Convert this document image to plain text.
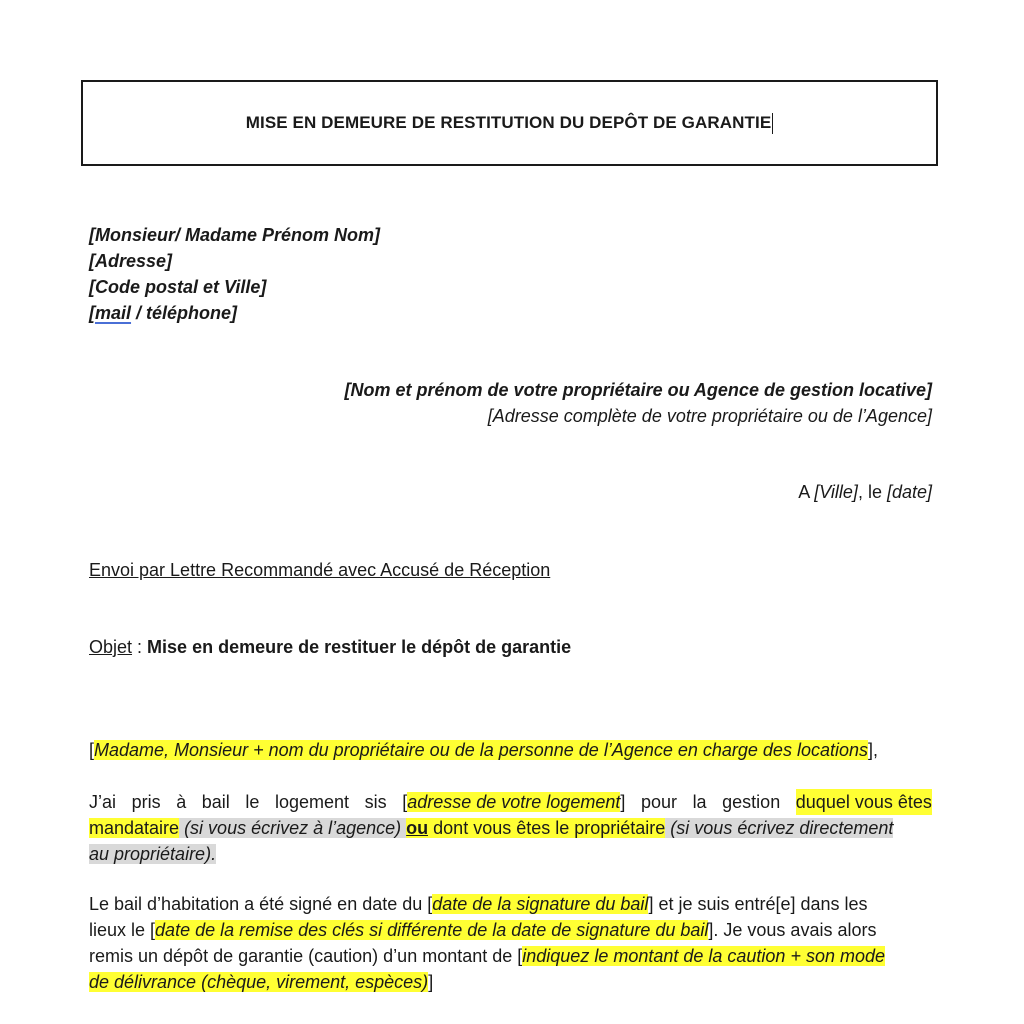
MISE EN DEMEURE DE RESTITUTION DU DEPÔT DE GARANTIE
[Monsieur/ Madame Prénom Nom]
[Adresse]
[Code postal et Ville]
[mail / téléphone]
[Nom et prénom de votre propriétaire ou Agence de gestion locative]
[Adresse complète de votre propriétaire ou de l’Agence]
A [Ville], le [date]
Envoi par Lettre Recommandé avec Accusé de Réception
Objet : Mise en demeure de restituer le dépôt de garantie
[Madame, Monsieur + nom du propriétaire ou de la personne de l’Agence en charge des locations],
J’ai pris à bail le logement sis [adresse de votre logement] pour la gestion duquel vous êtes
mandataire (si vous écrivez à l’agence) ou dont vous êtes le propriétaire (si vous écrivez directement
au propriétaire).
Le bail d’habitation a été signé en date du [date de la signature du bail] et je suis entré[e] dans les
lieux le [date de la remise des clés si différente de la date de signature du bail]. Je vous avais alors
remis un dépôt de garantie (caution) d’un montant de [indiquez le montant de la caution + son mode
de délivrance (chèque, virement, espèces)]
